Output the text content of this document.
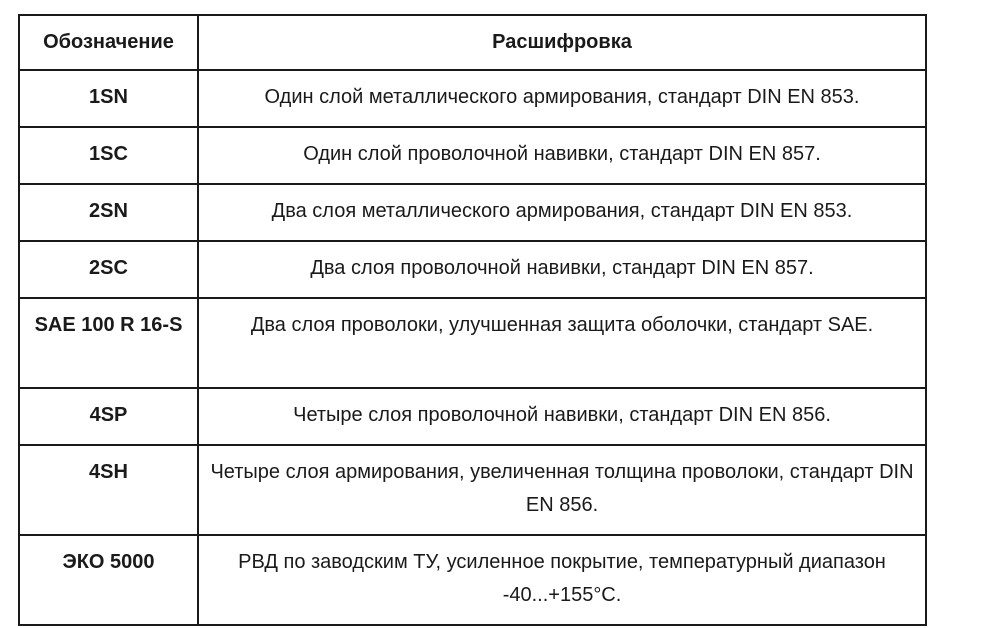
Обозначение	Расшифровка
1SN	Один слой металлического армирования, стандарт DIN EN 853.
1SC	Один слой проволочной навивки, стандарт DIN EN 857.
2SN	Два слоя металлического армирования, стандарт DIN EN 853.
2SC	Два слоя проволочной навивки, стандарт DIN EN 857.
SAE 100 R 16-S	Два слоя проволоки, улучшенная защита оболочки, стандарт SAE.
4SP	Четыре слоя проволочной навивки, стандарт DIN EN 856.
4SH	Четыре слоя армирования, увеличенная толщина проволоки, стандарт DIN EN 856.
ЭКО 5000	РВД по заводским ТУ, усиленное покрытие, температурный диапазон -40...+155°С.
